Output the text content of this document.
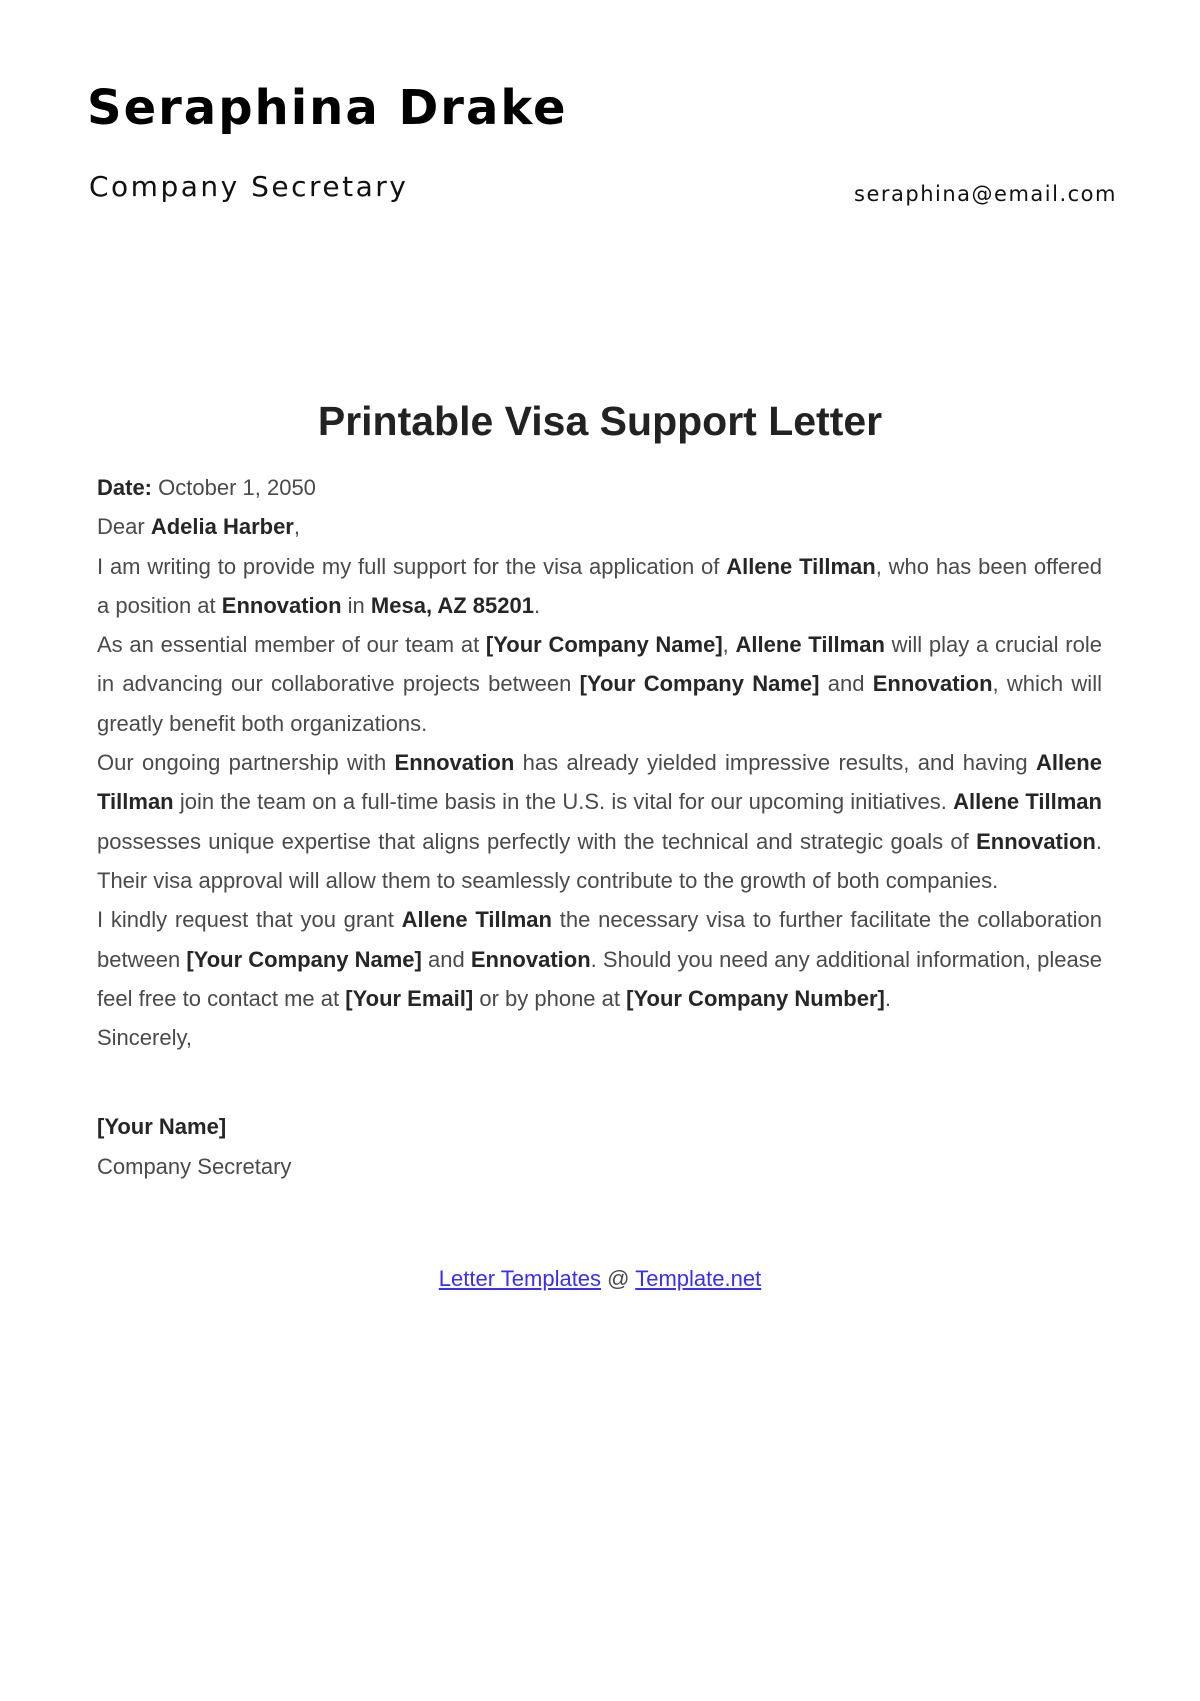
Seraphina Drake
Company Secretary	seraphina@email.com
Printable Visa Support Letter

Date: October 1, 2050

Dear Adelia Harber,

I am writing to provide my full support for the visa application of Allene Tillman, who has been offered a position at Ennovation in Mesa, AZ 85201.

As an essential member of our team at [Your Company Name], Allene Tillman will play a crucial role in advancing our collaborative projects between [Your Company Name] and Ennovation, which will greatly benefit both organizations.

Our ongoing partnership with Ennovation has already yielded impressive results, and having Allene Tillman join the team on a full-time basis in the U.S. is vital for our upcoming initiatives. Allene Tillman possesses unique expertise that aligns perfectly with the technical and strategic goals of Ennovation. Their visa approval will allow them to seamlessly contribute to the growth of both companies.

I kindly request that you grant Allene Tillman the necessary visa to further facilitate the collaboration between [Your Company Name] and Ennovation. Should you need any additional information, please feel free to contact me at [Your Email] or by phone at [Your Company Number].

Sincerely,

[Your Name]

Company Secretary

Letter Templates @ Template.net
